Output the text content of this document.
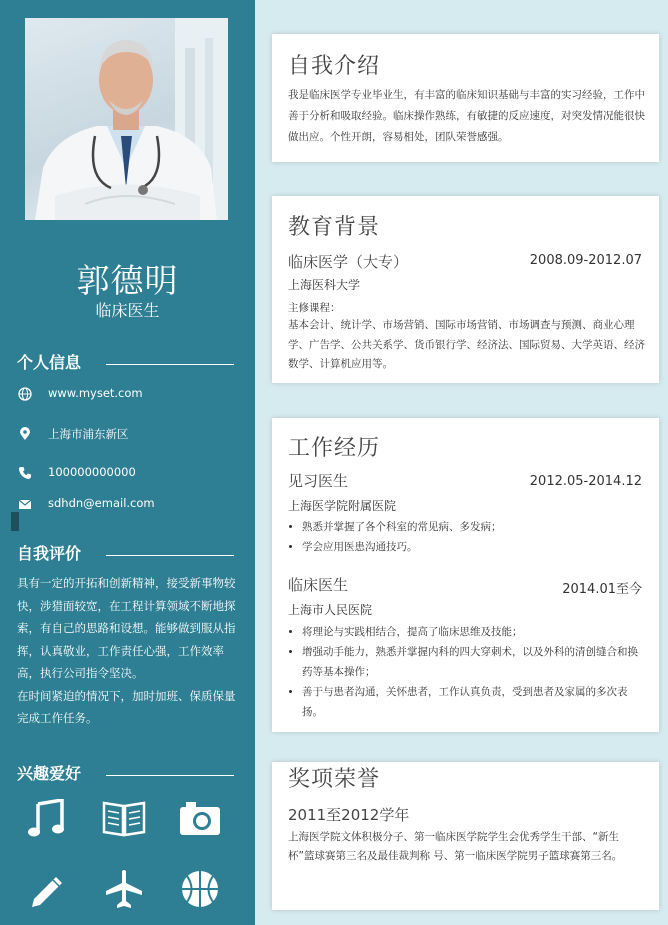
郭德明
临床医生
个人信息
www.myset.com
上海市浦东新区
100000000000
sdhdn@email.com
自我评价
具有一定的开拓和创新精神，接受新事物较快，涉猎面较宽，在工程计算领域不断地探索，有自己的思路和设想。能够做到服从指挥，认真敬业，工作责任心强，工作效率高，执行公司指令坚决。
在时间紧迫的情况下，加时加班、保质保量完成工作任务。
兴趣爱好
自我介绍
我是临床医学专业毕业生，有丰富的临床知识基础与丰富的实习经验，工作中善于分析和吸取经验。临床操作熟练，有敏捷的反应速度，对突发情况能很快做出应。个性开朗，容易相处，团队荣誉感强。
教育背景
临床医学（大专）	2008.09-2012.07
上海医科大学
主修课程：
基本会计、统计学、市场营销、国际市场营销、市场调查与预测、商业心理学、广告学、公共关系学、货币银行学、经济法、国际贸易、大学英语、经济数学、计算机应用等。
工作经历
见习医生	2012.05-2014.12
上海医学院附属医院
• 熟悉并掌握了各个科室的常见病、多发病；
• 学会应用医患沟通技巧。
临床医生	2014.01至今
上海市人民医院
• 将理论与实践相结合，提高了临床思维及技能；
• 增强动手能力，熟悉并掌握内科的四大穿刺术，以及外科的清创缝合和换药等基本操作；
• 善于与患者沟通，关怀患者，工作认真负责，受到患者及家属的多次表扬。
奖项荣誉
2011至2012学年
上海医学院文体积极分子、第一临床医学院学生会优秀学生干部、“新生杯”篮球赛第三名及最佳裁判称 号、第一临床医学院男子篮球赛第三名。
